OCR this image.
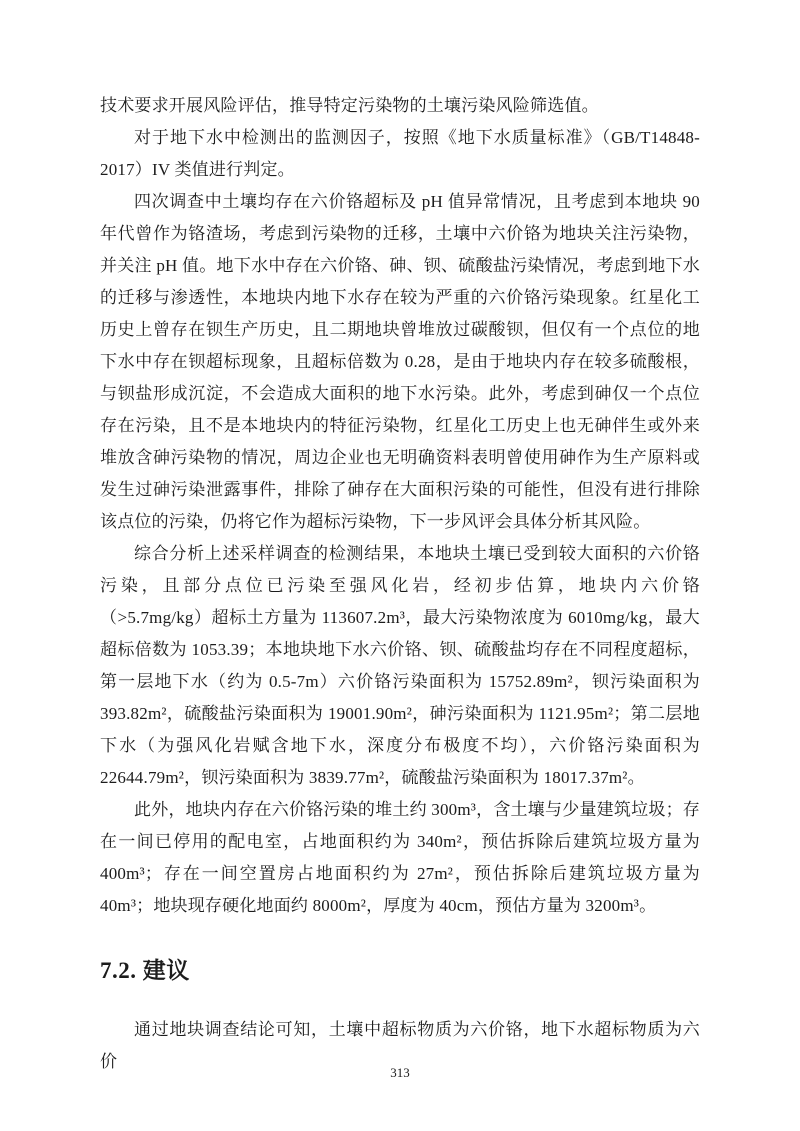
技术要求开展风险评估，推导特定污染物的土壤污染风险筛选值。

对于地下水中检测出的监测因子，按照《地下水质量标准》（GB/T14848-2017）IV 类值进行判定。

四次调查中土壤均存在六价铬超标及 pH 值异常情况，且考虑到本地块 90 年代曾作为铬渣场，考虑到污染物的迁移，土壤中六价铬为地块关注污染物，并关注 pH 值。地下水中存在六价铬、砷、钡、硫酸盐污染情况，考虑到地下水的迁移与渗透性，本地块内地下水存在较为严重的六价铬污染现象。红星化工历史上曾存在钡生产历史，且二期地块曾堆放过碳酸钡，但仅有一个点位的地下水中存在钡超标现象，且超标倍数为 0.28，是由于地块内存在较多硫酸根，与钡盐形成沉淀，不会造成大面积的地下水污染。此外，考虑到砷仅一个点位存在污染，且不是本地块内的特征污染物，红星化工历史上也无砷伴生或外来堆放含砷污染物的情况，周边企业也无明确资料表明曾使用砷作为生产原料或发生过砷污染泄露事件，排除了砷存在大面积污染的可能性，但没有进行排除该点位的污染，仍将它作为超标污染物，下一步风评会具体分析其风险。

综合分析上述采样调查的检测结果，本地块土壤已受到较大面积的六价铬污染，且部分点位已污染至强风化岩，经初步估算，地块内六价铬（>5.7mg/kg）超标土方量为 113607.2m³，最大污染物浓度为 6010mg/kg，最大超标倍数为 1053.39；本地块地下水六价铬、钡、硫酸盐均存在不同程度超标，第一层地下水（约为 0.5-7m）六价铬污染面积为 15752.89m²，钡污染面积为 393.82m²，硫酸盐污染面积为 19001.90m²，砷污染面积为 1121.95m²；第二层地下水（为强风化岩赋含地下水，深度分布极度不均），六价铬污染面积为 22644.79m²，钡污染面积为 3839.77m²，硫酸盐污染面积为 18017.37m²。

此外，地块内存在六价铬污染的堆土约 300m³，含土壤与少量建筑垃圾；存在一间已停用的配电室，占地面积约为 340m²，预估拆除后建筑垃圾方量为 400m³；存在一间空置房占地面积约为 27m²，预估拆除后建筑垃圾方量为 40m³；地块现存硬化地面约 8000m²，厚度为 40cm，预估方量为 3200m³。

7.2. 建议

通过地块调查结论可知，土壤中超标物质为六价铬，地下水超标物质为六价

313
